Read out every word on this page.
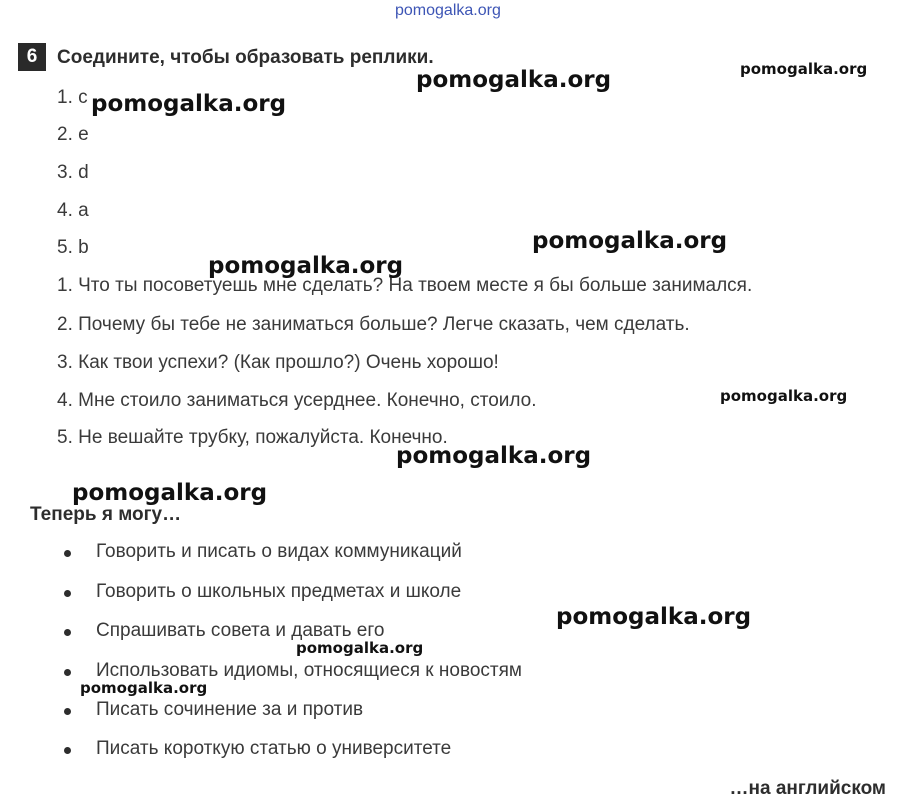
pomogalka.org
6	Соедините, чтобы образовать реплики.
1. c
2. e
3. d
4. a
5. b
1. Что ты посоветуешь мне сделать? На твоем месте я бы больше занимался.
2. Почему бы тебе не заниматься больше? Легче сказать, чем сделать.
3. Как твои успехи? (Как прошло?) Очень хорошо!
4. Мне стоило заниматься усерднее. Конечно, стоило.
5. Не вешайте трубку, пожалуйста. Конечно.
Теперь я могу…
Говорить и писать о видах коммуникаций
Говорить о школьных предметах и школе
Спрашивать совета и давать его
Использовать идиомы, относящиеся к новостям
Писать сочинение за и против
Писать короткую статью о университете
…на английском
pomogalka.org	pomogalka.org
pomogalka.org
pomogalka.org
pomogalka.org
pomogalka.org
pomogalka.org
pomogalka.org
pomogalka.org
pomogalka.org
pomogalka.org
